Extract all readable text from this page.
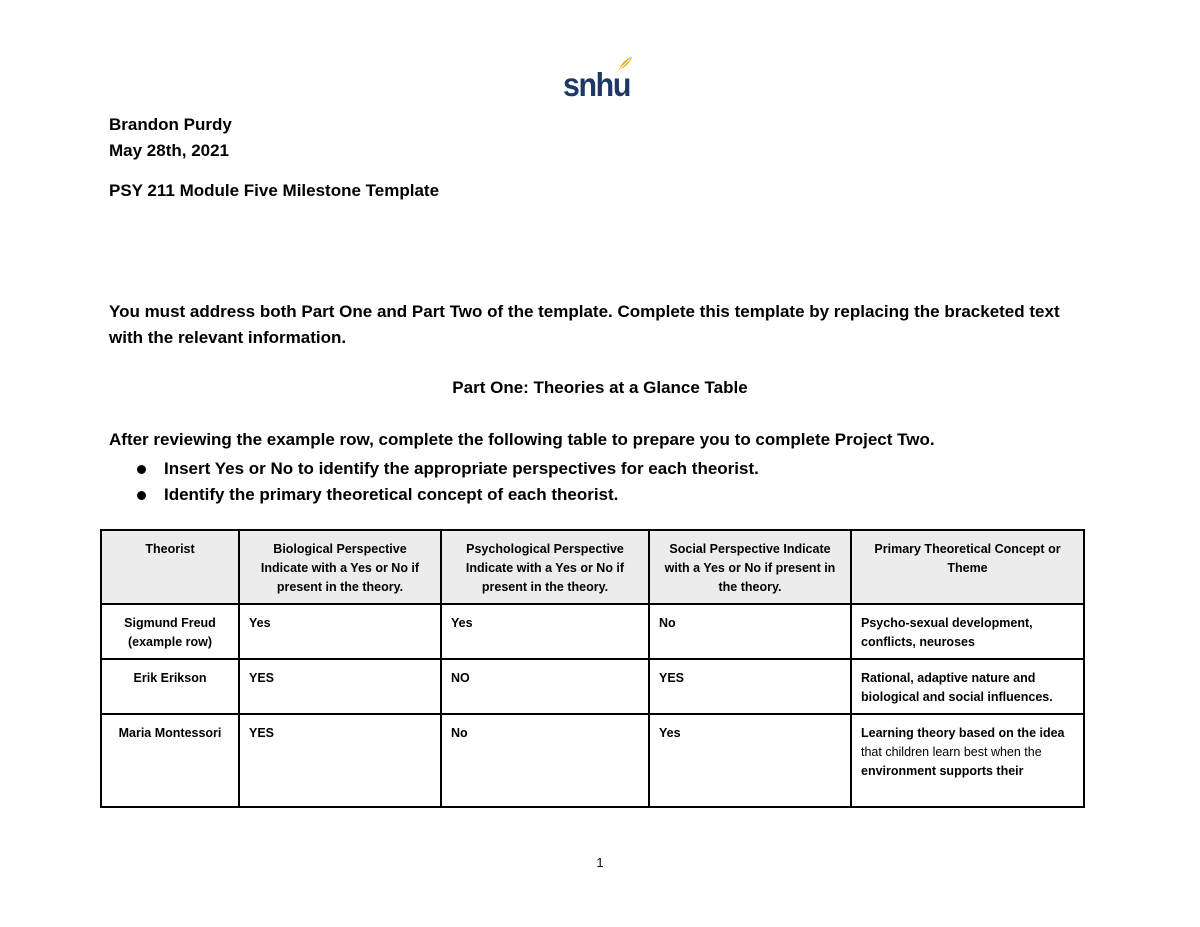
snhu
Brandon Purdy
May 28th, 2021
PSY 211 Module Five Milestone Template
You must address both Part One and Part Two of the template. Complete this template by replacing the bracketed text with the relevant information.
Part One: Theories at a Glance Table
After reviewing the example row, complete the following table to prepare you to complete Project Two.
Insert Yes or No to identify the appropriate perspectives for each theorist.
Identify the primary theoretical concept of each theorist.
Theorist	Biological Perspective Indicate with a Yes or No if present in the theory.	Psychological Perspective Indicate with a Yes or No if present in the theory.	Social Perspective Indicate with a Yes or No if present in the theory.	Primary Theoretical Concept or Theme
Sigmund Freud (example row)	Yes	Yes	No	Psycho-sexual development, conflicts, neuroses
Erik Erikson	YES	NO	YES	Rational, adaptive nature and biological and social influences.
Maria Montessori	YES	No	Yes	Learning theory based on the idea
that children learn best when the
environment supports their
1
